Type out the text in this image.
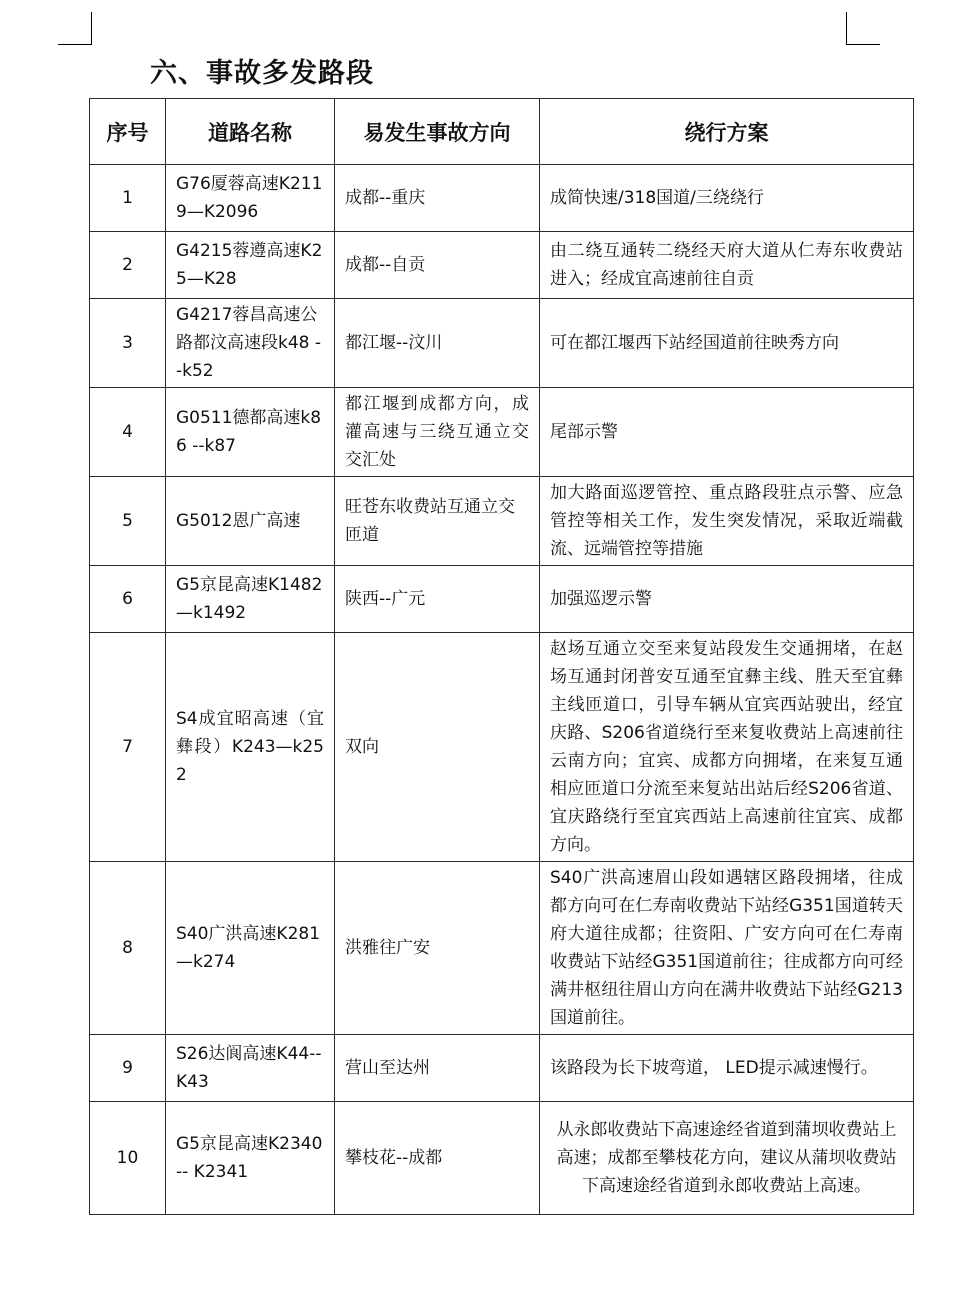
六、事故多发路段
序号	道路名称	易发生事故方向	绕行方案
1	G76厦蓉高速K2119—K2096	成都--重庆	成简快速/318国道/三绕绕行
2	G4215蓉遵高速K25—K28	成都--自贡	由二绕互通转二绕经天府大道从仁寿东收费站进入；经成宜高速前往自贡
3	G4217蓉昌高速公路都汶高速段k48 --k52	都江堰--汶川	可在都江堰西下站经国道前往映秀方向
4	G0511德都高速k86 --k87	都江堰到成都方向，成灌高速与三绕互通立交交汇处	尾部示警
5	G5012恩广高速	旺苍东收费站互通立交匝道	加大路面巡逻管控、重点路段驻点示警、应急管控等相关工作，发生突发情况，采取近端截流、远端管控等措施
6	G5京昆高速K1482—k1492	陕西--广元	加强巡逻示警
7	S4成宜昭高速（宜彝段）K243—k252	双向	赵场互通立交至来复站段发生交通拥堵，在赵场互通封闭普安互通至宜彝主线、胜天至宜彝主线匝道口，引导车辆从宜宾西站驶出，经宜庆路、S206省道绕行至来复收费站上高速前往云南方向；宜宾、成都方向拥堵，在来复互通相应匝道口分流至来复站出站后经S206省道、宜庆路绕行至宜宾西站上高速前往宜宾、成都方向。
8	S40广洪高速K281—k274	洪雅往广安	S40广洪高速眉山段如遇辖区路段拥堵，往成都方向可在仁寿南收费站下站经G351国道转天府大道往成都；往资阳、广安方向可在仁寿南收费站下站经G351国道前往；往成都方向可经满井枢纽往眉山方向在满井收费站下站经G213国道前往。
9	S26达阆高速K44-- K43	营山至达州	该路段为长下坡弯道， LED提示减速慢行。
10	G5京昆高速K2340-- K2341	攀枝花--成都	从永郎收费站下高速途经省道到蒲坝收费站上高速；成都至攀枝花方向，建议从蒲坝收费站下高速途经省道到永郎收费站上高速。
